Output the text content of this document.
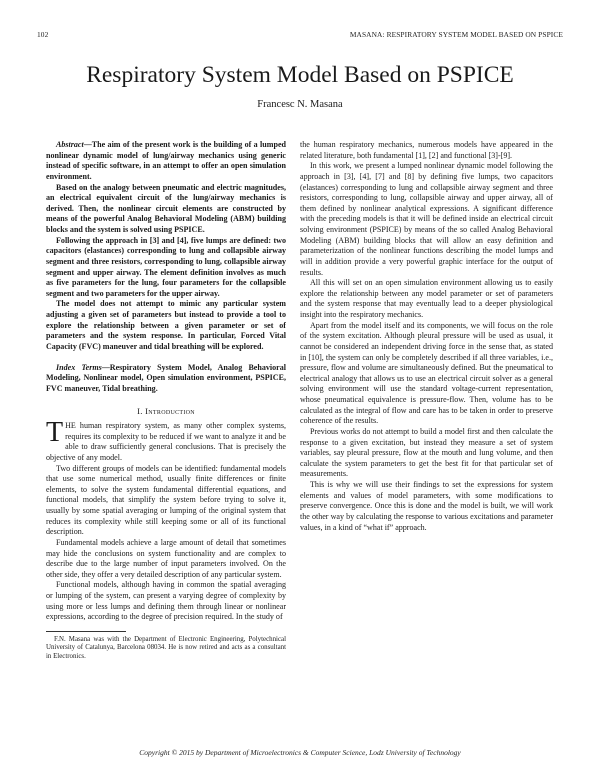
102	MASANA: RESPIRATORY SYSTEM MODEL BASED ON PSPICE
Respiratory System Model Based on PSPICE
Francesc N. Masana

Abstract—The aim of the present work is the building of a lumped nonlinear dynamic model of lung/airway mechanics using generic instead of specific software, in an attempt to offer an open simulation environment.

Based on the analogy between pneumatic and electric magnitudes, an electrical equivalent circuit of the lung/airway mechanics is derived. Then, the nonlinear circuit elements are constructed by means of the powerful Analog Behavioral Modeling (ABM) building blocks and the system is solved using PSPICE.

Following the approach in [3] and [4], five lumps are defined: two capacitors (elastances) corresponding to lung and collapsible airway segment and three resistors, corresponding to lung, collapsible airway segment and upper airway. The element definition involves as much as five parameters for the lung, four parameters for the collapsible segment and two parameters for the upper airway.

The model does not attempt to mimic any particular system adjusting a given set of parameters but instead to provide a tool to explore the relationship between a given parameter or set of parameters and the system response. In particular, Forced Vital Capacity (FVC) maneuver and tidal breathing will be explored.

Index Terms—Respiratory System Model, Analog Behavioral Modeling, Nonlinear model, Open simulation environment, PSPICE, FVC maneuver, Tidal breathing.

I. Introduction

THE human respiratory system, as many other complex systems, requires its complexity to be reduced if we want to analyze it and be able to draw sufficiently general conclusions. That is precisely the objective of any model.

Two different groups of models can be identified: fundamental models that use some numerical method, usually finite differences or finite elements, to solve the system fundamental differential equations, and functional models, that simplify the system before trying to solve it, usually by some spatial averaging or lumping of the original system that reduces its complexity while still keeping some or all of its functional description.

Fundamental models achieve a large amount of detail that sometimes may hide the conclusions on system functionality and are complex to describe due to the large number of input parameters involved. On the other side, they offer a very detailed description of any particular system.

Functional models, although having in common the spatial averaging or lumping of the system, can present a varying degree of complexity by using more or less lumps and defining them through linear or nonlinear expressions, according to the degree of precision required. In the study of

F.N. Masana was with the Department of Electronic Engineering, Polytechnical University of Catalunya, Barcelona 08034. He is now retired and acts as a consultant in Electronics.

the human respiratory mechanics, numerous models have appeared in the related literature, both fundamental [1], [2] and functional [3]-[9].

In this work, we present a lumped nonlinear dynamic model following the approach in [3], [4], [7] and [8] by defining five lumps, two capacitors (elastances) corresponding to lung and collapsible airway segment and three resistors, corresponding to lung, collapsible airway and upper airway, all of them defined by nonlinear analytical expressions. A significant difference with the preceding models is that it will be defined inside an electrical circuit solving environment (PSPICE) by means of the so called Analog Behavioral Modeling (ABM) building blocks that will allow an easy definition and parameterization of the nonlinear functions describing the model lumps and will in addition provide a very powerful graphic interface for the output of results.

All this will set on an open simulation environment allowing us to easily explore the relationship between any model parameter or set of parameters and the system response that may eventually lead to a deeper physiological insight into the respiratory mechanics.

Apart from the model itself and its components, we will focus on the role of the system excitation. Although pleural pressure will be used as usual, it cannot be considered an independent driving force in the sense that, as stated in [10], the system can only be completely described if all three variables, i.e., pressure, flow and volume are simultaneously defined. But the pneumatical to electrical analogy that allows us to use an electrical circuit solver as a general solving environment will use the standard voltage-current representation, whose pneumatical equivalence is pressure-flow. Then, volume has to be calculated as the integral of flow and care has to be taken in order to preserve coherence of the results.

Previous works do not attempt to build a model first and then calculate the response to a given excitation, but instead they measure a set of system variables, say pleural pressure, flow at the mouth and lung volume, and then calculate the system parameters to get the best fit for that particular set of measurements.

This is why we will use their findings to set the expressions for system elements and values of model parameters, with some modifications to preserve convergence. Once this is done and the model is built, we will work the other way by calculating the response to various excitations and parameter values, in a kind of “what if” approach.

Copyright © 2015 by Department of Microelectronics & Computer Science, Lodz University of Technology
